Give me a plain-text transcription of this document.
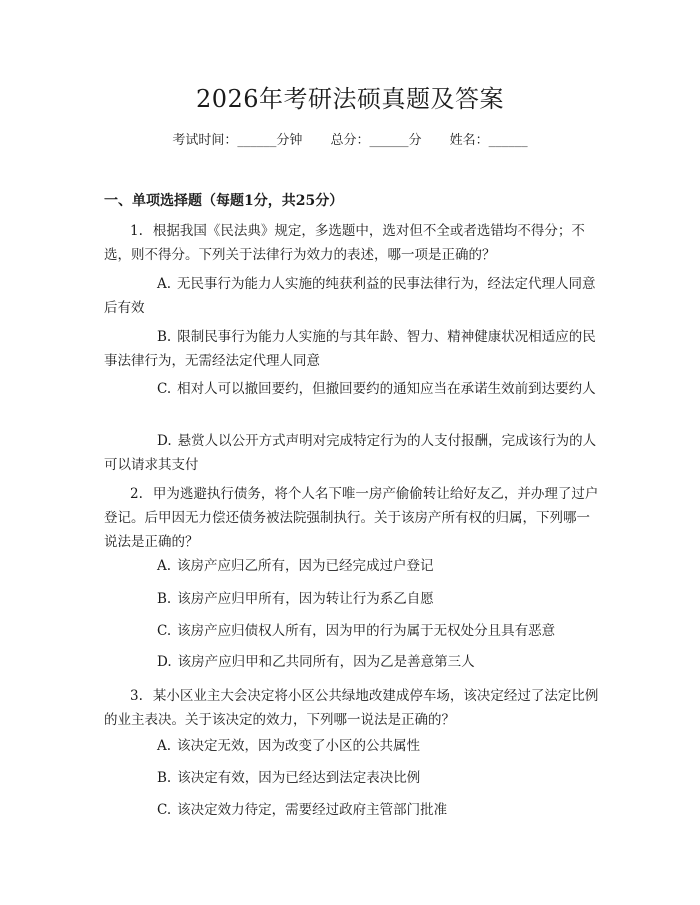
2026年考研法硕真题及答案
考试时间：______分钟 总分：______分 姓名：______
一、单项选择题（每题1分，共25分）

1. 根据我国《民法典》规定，多选题中，选对但不全或者选错均不得分；不选，则不得分。下列关于法律行为效力的表述，哪一项是正确的？

A. 无民事行为能力人实施的纯获利益的民事法律行为，经法定代理人同意后有效

B. 限制民事行为能力人实施的与其年龄、智力、精神健康状况相适应的民事法律行为，无需经法定代理人同意

C. 相对人可以撤回要约，但撤回要约的通知应当在承诺生效前到达要约人

D. 悬赏人以公开方式声明对完成特定行为的人支付报酬，完成该行为的人可以请求其支付

2. 甲为逃避执行债务，将个人名下唯一房产偷偷转让给好友乙，并办理了过户登记。后甲因无力偿还债务被法院强制执行。关于该房产所有权的归属，下列哪一说法是正确的？

A. 该房产应归乙所有，因为已经完成过户登记

B. 该房产应归甲所有，因为转让行为系乙自愿

C. 该房产应归债权人所有，因为甲的行为属于无权处分且具有恶意

D. 该房产应归甲和乙共同所有，因为乙是善意第三人

3. 某小区业主大会决定将小区公共绿地改建成停车场，该决定经过了法定比例的业主表决。关于该决定的效力，下列哪一说法是正确的？

A. 该决定无效，因为改变了小区的公共属性

B. 该决定有效，因为已经达到法定表决比例

C. 该决定效力待定，需要经过政府主管部门批准
